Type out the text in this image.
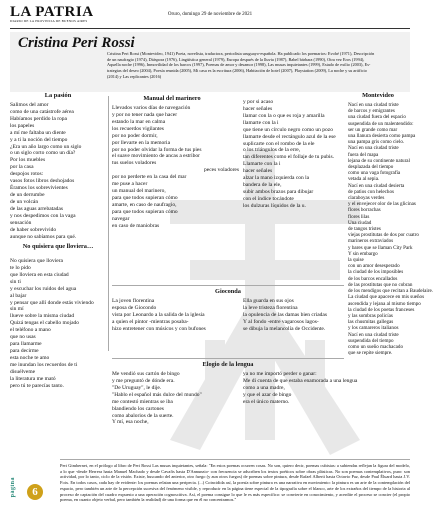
LA PATRIA
DIARIO DE LA PROVINCIA DE BUENOS AIRES
Oruro, domingo 29 de noviembre de 2021
Cristina Peri Rossi
Cristina Peri Rossi (Montevideo, 1941) Poeta, novelista, traductora, periodista uruguayo-española. Ha publicado los poemarios: Evohé (1971), Descripción
de un naufragio (1974), Diáspora (1976), Lingüística general (1979), Europa después de la lluvia (1987), Babel bárbara (1990), Otra vez Eros (1994),
Aquella noche (1996), Inmovilidad de los barcos (1997), Poemas de amor y desamor (1998), Las musas inquietantes (1999), Estado de exilio (2003), Es-
trategias del deseo (2004), Poesía reunida (2005), Mi casa es la escritura (2006), Habitación de hotel (2007), Playstation (2009), La noche y su artificio
(2014) y Las replicantes (2016)
La pasión
Salimos del amor
como de una catástrofe aérea
Habíamos perdido la ropa
los papeles
a mí me faltaba un diente
y a ti la noción del tiempo
¿Era un año largo como un siglo
o un siglo corto como un día?
Por los muebles
por la casa
despojos rotos:
vasos fotos libros deshojados
Éramos los sobrevivientes
de un derrumbe
de un volcán
de las aguas arrebatadas
y nos despedimos con la vaga
sensación
de haber sobrevivido
aunque no sabíamos para qué.
No quisiera que lloviera…
No quisiera que lloviera
te lo pido
que lloviera en esta ciudad
sin ti
y escuchar los ruidos del agua
al bajar
y pensar que allí donde estás viviendo
sin mí
llueve sobre la misma ciudad
Quizá tengas el cabello mojado
el teléfono a mano
que no usas
para llamarme
para decirme
esta noche te amo
me inundan los recuerdos de ti
disuélveme
la literatura me mató
pero tú te parecías tanto.
Manual del marinero
Llevados varios días de navegación
y por no tener nada que hacer
estando la mar en calma
los recuerdos vigilantes
por no poder dormir,
por llevarte en la memoria
por no poder olvidar la forma de tus pies
el suave movimiento de ancas a estribor
tus suelos voladores
peces voladores
por no perderte en la casa del mar
me puse a hacer
un manual del marinero,
para que todos supieran cómo
amarte, en caso de naufragio,
para que todos supieran cómo
navegar
en caso de maniobras
y por si acaso
hacer señales
llamar con la o que es roja y amarilla
llamarte con la i
que tiene un círculo negro como un pozo
llamarte desde el rectángulo azul de la ese
suplicarte con el rombo de la ele
o los triángulos de la erre,
tan diferentes como el follaje de tu pubis.
Llamarte con la i
hacer señales
alzar la mano izquierda con la
bandera de la ele,
subir ambos brazos para dibujar
con el índice tocándote
los dulzuras líquidos de la u.
Gioconda
La joven florentina
esposa de Giocondo
vista por Leonardo a la salida de la iglesia
a quien el pintor -mientras posaba-
hizo entretener con músicos y con bufones
Ella guarda en sus ojos
la leve tristeza florentina
la opulencia de las damas bien criadas
Y al fondo -entre vagarosos lagos-
se dibuja la melancolía de Occidente.
Elogio de la lengua
Me vendió sus cartón de bingo
y me preguntó de dónde era.
"De Uruguay", le dije.
"Hablo el español más dulce del mundo"
me contestó mientras se iba
blandiendo los cartones
como abalorios de la suerte.
Y mí, esa noche,
ya no me importó perder o ganar:
Me di cuenta de que estaba enamorada a una lengua
como a una madre,
y que el azar de bingo
era el único materno.
Montevideo
Nací en una ciudad triste
de barcos y emigrantes
una ciudad fuera del espacio
suspendida de un malentendido:
ser un grande como mar
una llanura desierta como pampa
una pampa gris como cielo.
Nací en una ciudad triste
fuera del mapa
lejana de su continente natural
desplazada del tiempo
como una vaga fotografía
vetada al sepia.
Nací en una ciudad desierta
de patios con helechos
claraboyas verdes
y el envejecer olor de las glicinas
flores borrachas
flores lilas
Una ciudad
de tangos tristes
viejas prostitutas de dos por cuatro
marineros extraviados
y bares que se llaman City Park
Y sin embargo
la quise
con un amor desesperado
la ciudad de los imposibles
de los barcos encallados
de las prostitutas que no cobran
de los mendigos que recitan a Baudelaire.
La ciudad que apacece en mis sueños
ascendida y lejana al mismo tiempo
la ciudad de los poetas franceses
y las sombras policías
las chusmitas gallegas
y los camareros italianos
Nací en una ciudad triste
suspendida del tiempo
como un sueño machacado
que se repite siempre.
Peri Gimbernet, en el prólogo al libro de Peri Rossi Las musas inquietantes, señala: "En estos poemas ocurren cosas. No son, quiero decir, poemas cubistas: a subtendas reflejan la figura del modelo, a lo que -desde Herrera hasta Manuel Machado y desde Cavafis hasta D'Annunzio- con frecuencia se adscriben los textos poéticos sobre obras plásticas. No son poemas contemplativos, puro: son actividad, por lo tanto, ciclo de la visión. Existe, buscando del anterior, otro fuego (y aun otros fuegos) de poemas sobre pintura, desde Rafael Alberti hasta Octavio Paz, desde Paul Éluard hasta J.V. Foix. En todos casos, cada hay de evidente: los poemas relatan una peripecia. (...) Coincidida así, la poesía sobre pintura es una narrativa en movimiento: la pintura es un arte de la contemplación del espacio, pero también un arte de la percepción sucesiva del fenómeno visible, y reproducir en la página tiene especial de la tipografía sobre el blanco, arte de los extraños del tiempo de la historia al proceso de captación del cuadro expuesto a una operación cognoscitiva. Así, el poema consigue lo que le es más específico: se convierte en conocimiento, y acerdite el proceso se concier (el propio poema, en cuanto objeto verbal, pero también la realidad) de una forma que en él no concentramos."
página	6
